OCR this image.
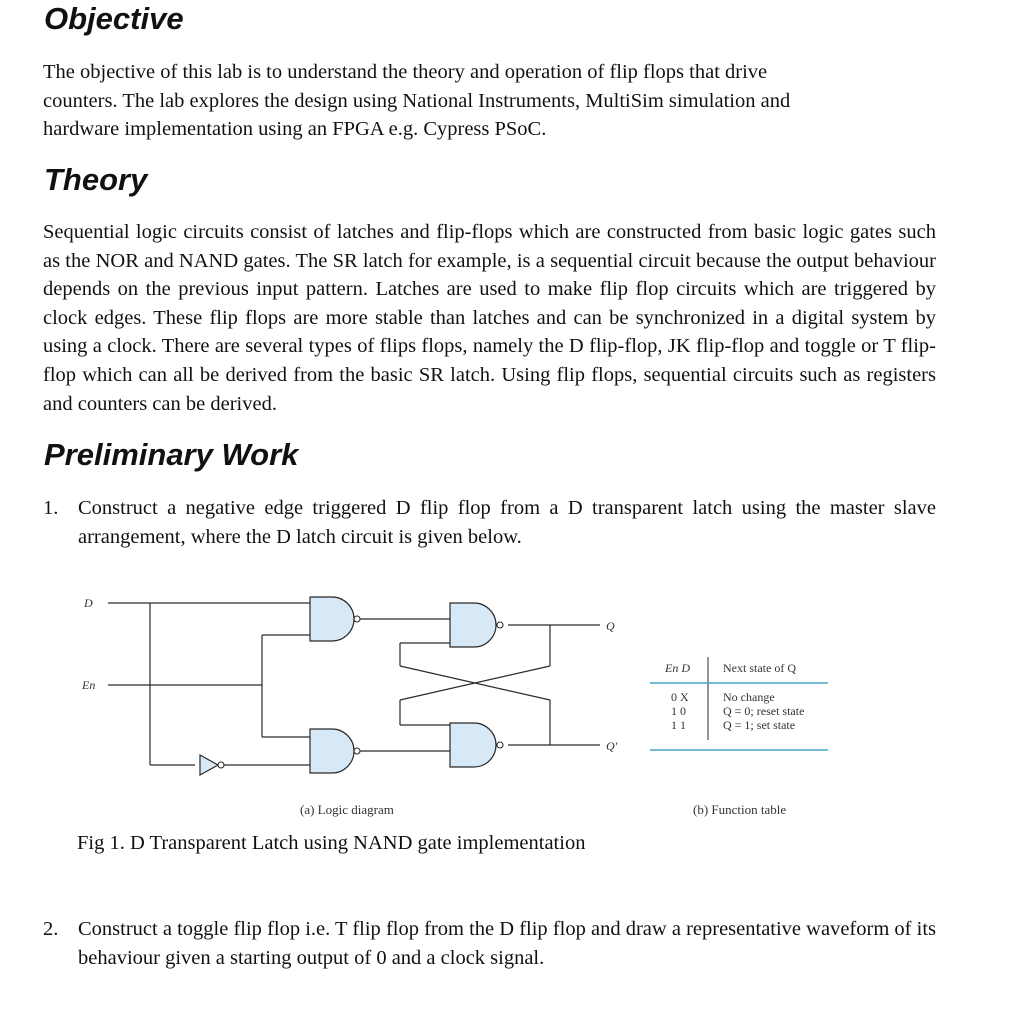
Objective

The objective of this lab is to understand the theory and operation of flip flops that drive
counters. The lab explores the design using National Instruments, MultiSim simulation and
hardware implementation using an FPGA e.g. Cypress PSoC.

Theory

Sequential logic circuits consist of latches and flip-flops which are constructed from basic logic gates such as the NOR and NAND gates. The SR latch for example, is a sequential circuit because the output behaviour depends on the previous input pattern. Latches are used to make flip flop circuits which are triggered by clock edges. These flip flops are more stable than latches and can be synchronized in a digital system by using a clock. There are several types of flips flops, namely the D flip-flop, JK flip-flop and toggle or T flip-flop which can all be derived from the basic SR latch. Using flip flops, sequential circuits such as registers and counters can be derived.

Preliminary Work
1. Construct a negative edge triggered D flip flop from a D transparent latch using the master slave arrangement, where the D latch circuit is given below.
D
En
Q
Q′
(a) Logic diagram
En D	Next state of Q
0 X	No change
1 0	Q = 0; reset state
1 1	Q = 1; set state
(b) Function table

Fig 1. D Transparent Latch using NAND gate implementation

2. Construct a toggle flip flop i.e. T flip flop from the D flip flop and draw a representative waveform of its behaviour given a starting output of 0 and a clock signal.
